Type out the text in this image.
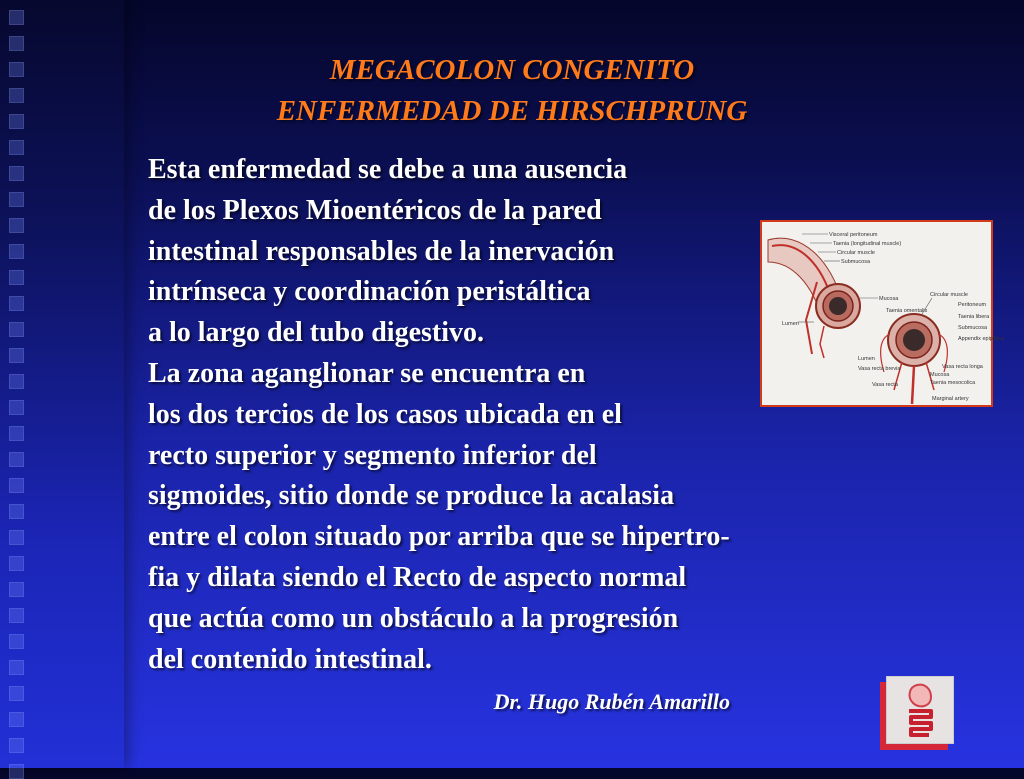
MEGACOLON CONGENITO
ENFERMEDAD DE HIRSCHPRUNG
Esta enfermedad se debe a una ausencia
de los Plexos Mioentéricos de la pared
intestinal responsables de la inervación
intrínseca y coordinación peristáltica
a lo largo del tubo digestivo.
La zona aganglionar se encuentra en
los dos tercios de los casos ubicada en el
recto superior y segmento inferior del
sigmoides, sitio donde se produce la acalasia
entre el colon situado por arriba que se hipertro-
fia y dilata siendo el Recto de aspecto normal
que actúa como un obstáculo a la progresión
del contenido intestinal.
Visceral peritoneum
Taenia (longitudinal muscle)
Circular muscle
Submucosa
Mucosa
Lumen
Circular muscle
Peritoneum
Taenia omentalis
Taenia libera
Submucosa
Appendix epiploica
Lumen
Vasa recta brevia
Vasa recta
Vasa recta longa
Mucosa
Taenia mesocolica
Marginal artery
Dr. Hugo Rubén Amarillo
